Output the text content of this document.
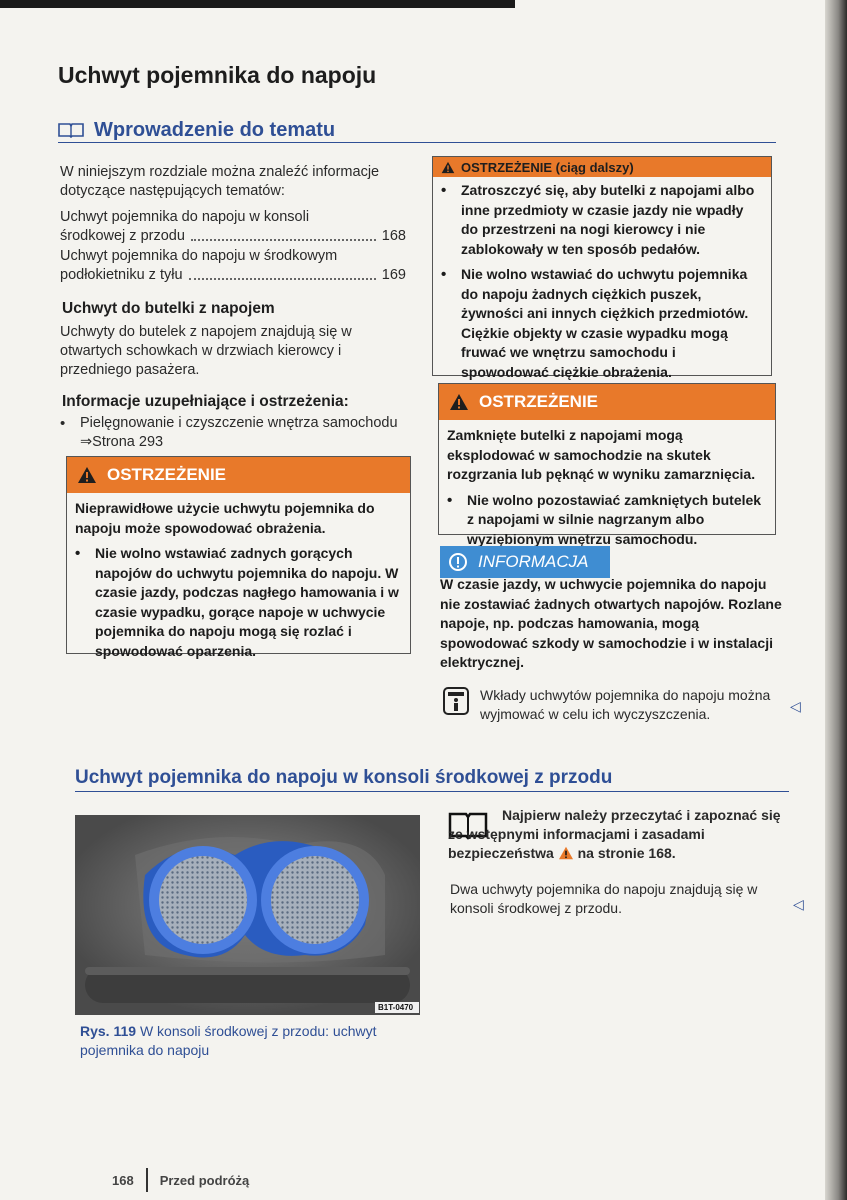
Uchwyt pojemnika do napoju
Wprowadzenie do tematu

W niniejszym rozdziale można znaleźć informacje dotyczące następujących tematów:

Uchwyt pojemnika do napoju w konsoli
środkowej z przodu	168
Uchwyt pojemnika do napoju w środkowym
podłokietniku z tyłu	169
Uchwyt do butelki z napojem

Uchwyty do butelek z napojem znajdują się w otwartych schowkach w drzwiach kierowcy i przedniego pasażera.

Informacje uzupełniające i ostrzeżenia:
•	Pielęgnowanie i czyszczenie wnętrza samochodu ⇒Strona 293
OSTRZEŻENIE
Nieprawidłowe użycie uchwytu pojemnika do napoju może spowodować obrażenia.
•	Nie wolno wstawiać zadnych gorących napojów do uchwytu pojemnika do napoju. W czasie jazdy, podczas nagłego hamowania i w czasie wypadku, gorące napoje w uchwycie pojemnika do napoju mogą się rozlać i spowodować oparzenia.
OSTRZEŻENIE (ciąg dalszy)
•	Zatroszczyć się, aby butelki z napojami albo inne przedmioty w czasie jazdy nie wpadły do przestrzeni na nogi kierowcy i nie zablokowały w ten sposób pedałów.
•	Nie wolno wstawiać do uchwytu pojemnika do napoju żadnych ciężkich puszek, żywności ani innych ciężkich przedmiotów. Ciężkie objekty w czasie wypadku mogą fruwać we wnętrzu samochodu i spowodować ciężkie obrażenia.
OSTRZEŻENIE
Zamknięte butelki z napojami mogą eksplodować w samochodzie na skutek rozgrzania lub pęknąć w wyniku zamarznięcia.
•	Nie wolno pozostawiać zamkniętych butelek z napojami w silnie nagrzanym albo wyziębionym wnętrzu samochodu.
INFORMACJA
W czasie jazdy, w uchwycie pojemnika do napoju nie zostawiać żadnych otwartych napojów. Rozlane napoje, np. podczas hamowania, mogą spowodować szkody w samochodzie i w instalacji elektrycznej.
Wkłady uchwytów pojemnika do napoju można wyjmować w celu ich wyczyszczenia.	◁
Uchwyt pojemnika do napoju w konsoli środkowej z przodu
B1T-0470
Rys. 119 W konsoli środkowej z przodu: uchwyt pojemnika do napoju
Najpierw należy przeczytać i zapoznać się ze wstępnymi informacjami i zasadami bezpieczeństwa na stronie 168.
Dwa uchwyty pojemnika do napoju znajdują się w konsoli środkowej z przodu.	◁
168 Przed podróżą
